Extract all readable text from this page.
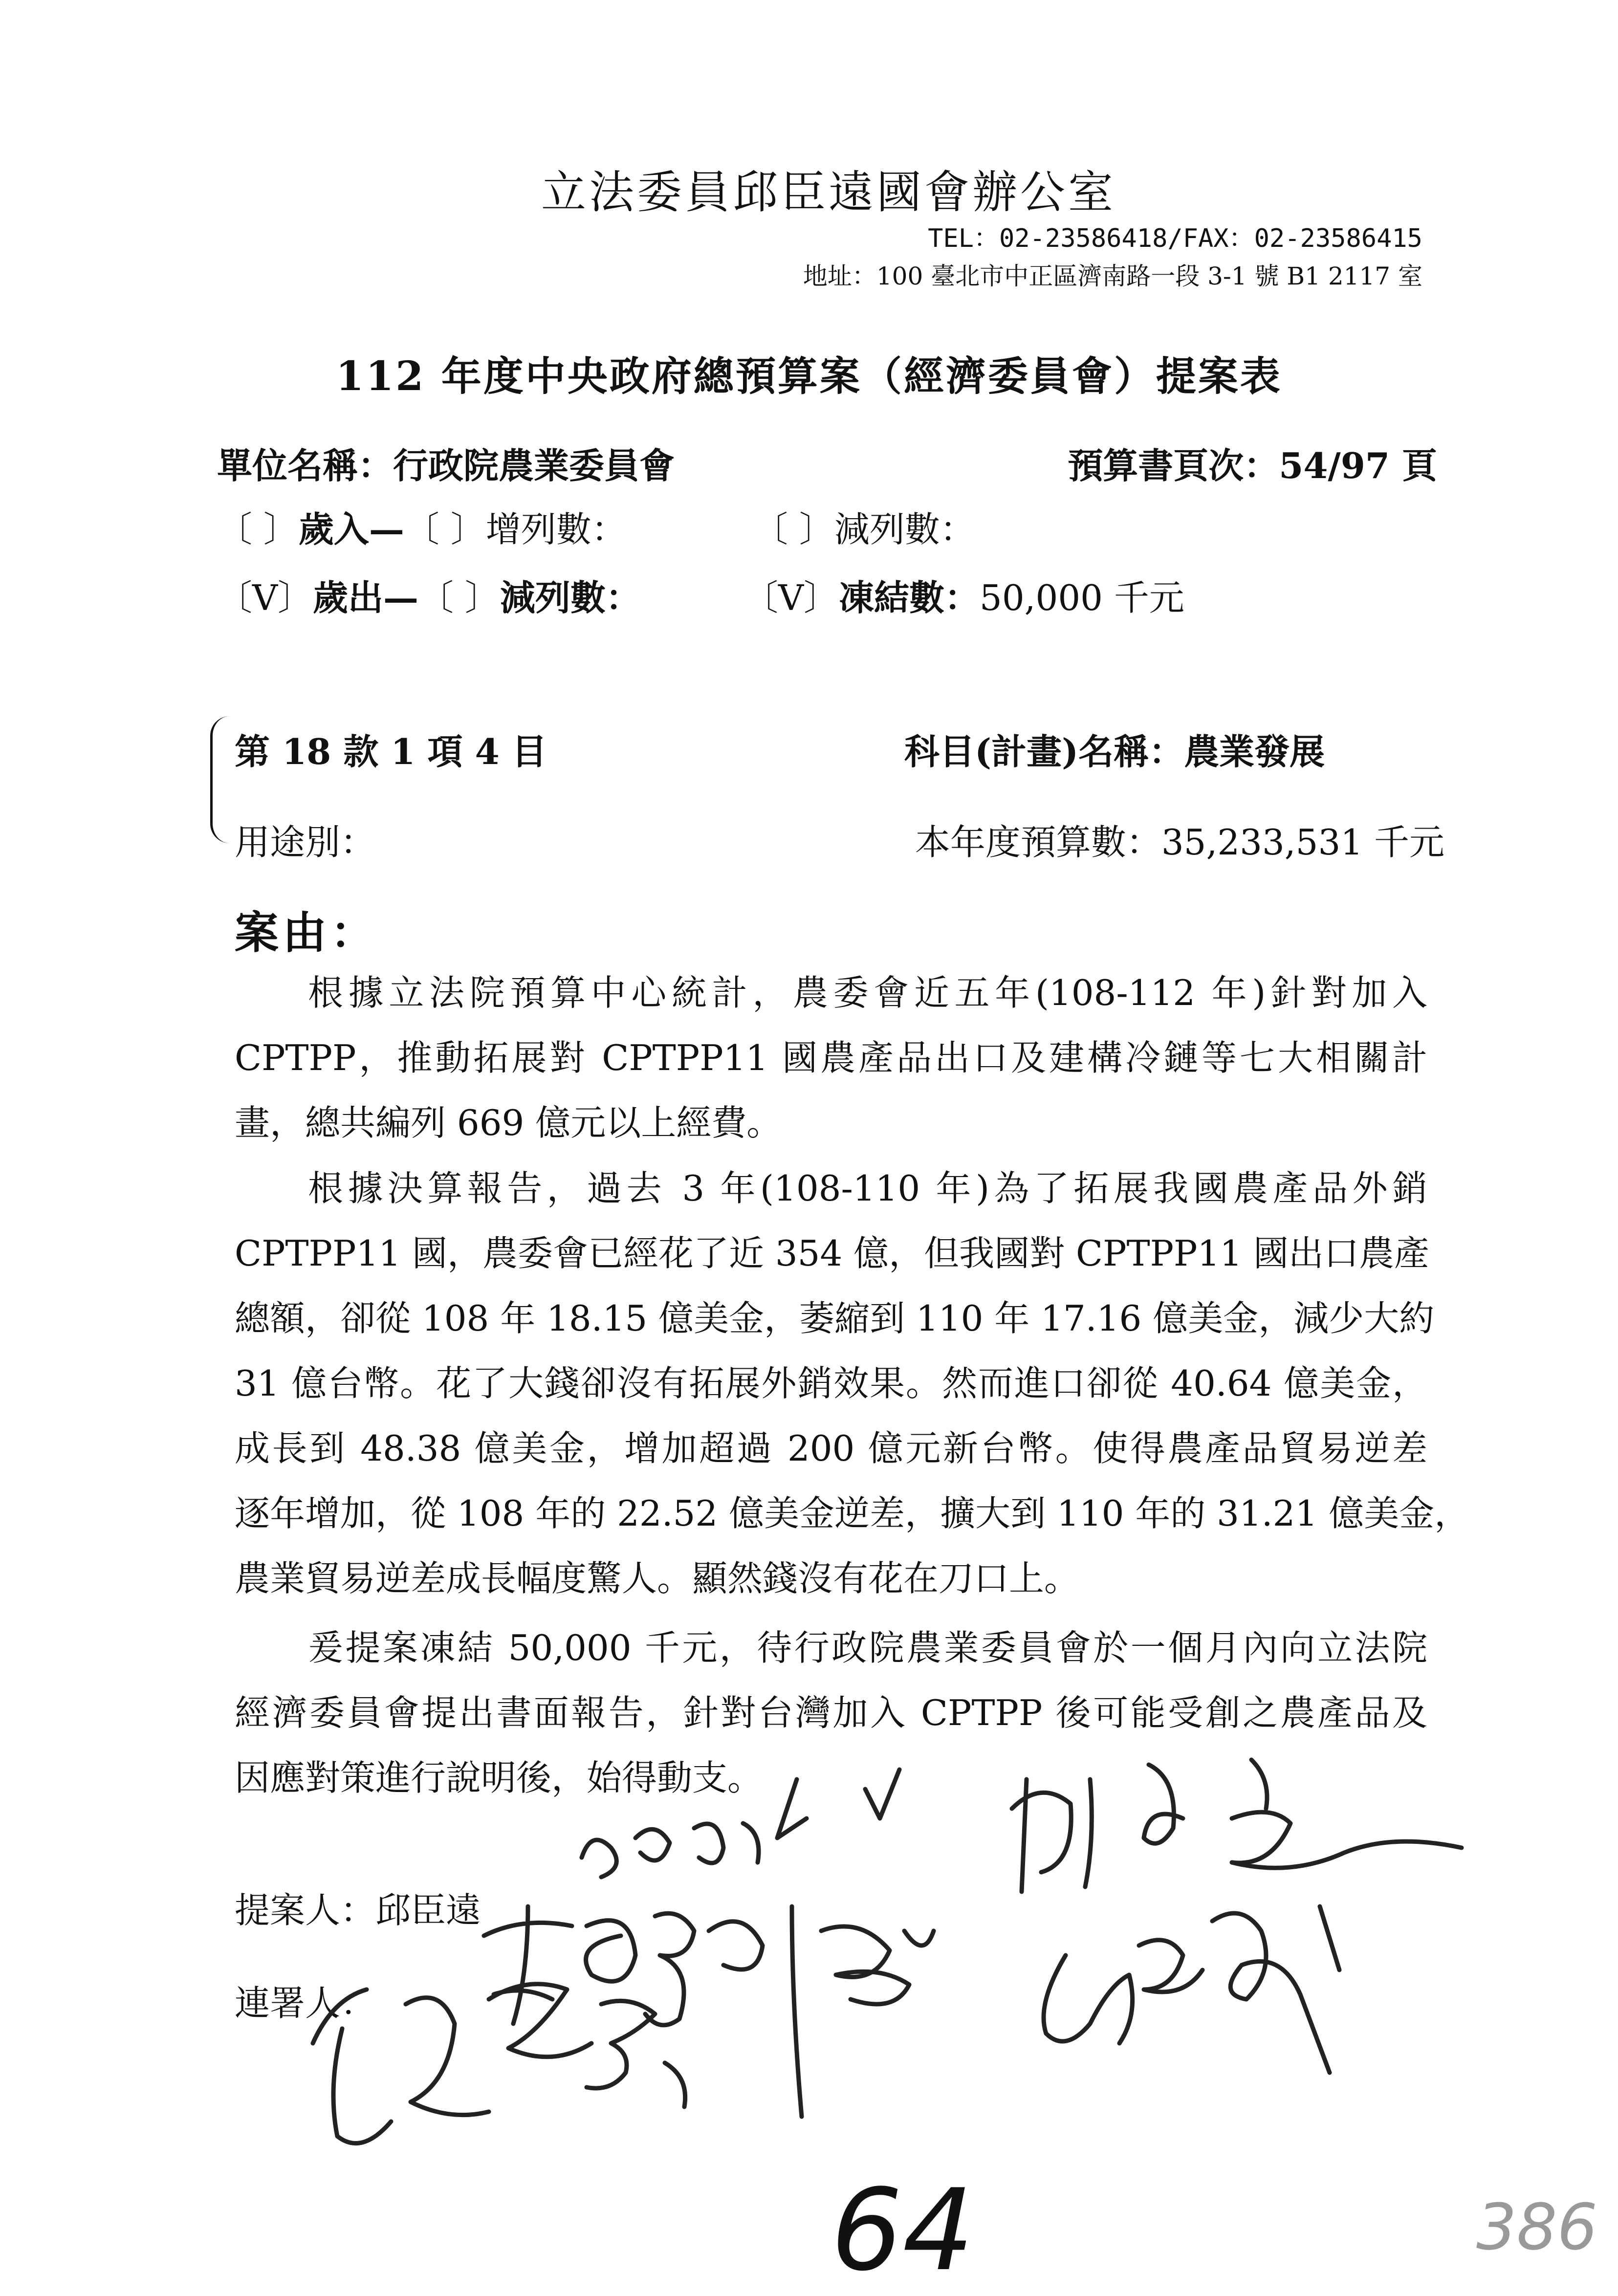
立法委員邱臣遠國會辦公室
TEL：02-23586418/FAX：02-23586415
地址：100 臺北市中正區濟南路一段 3-1 號 B1 2117 室
112 年度中央政府總預算案（經濟委員會）提案表
單位名稱：行政院農業委員會	預算書頁次：54/97 頁
〔 〕歲入—〔 〕增列數：	〔 〕減列數：
〔V〕歲出—〔 〕減列數：	〔V〕凍結數：50,000 千元
第 18 款 1 項 4 目	科目(計畫)名稱：農業發展
用途別：	本年度預算數：35,233,531 千元
案由：
根據立法院預算中心統計，農委會近五年(108-112 年)針對加入
CPTPP，推動拓展對 CPTPP11 國農產品出口及建構冷鏈等七大相關計
畫，總共編列 669 億元以上經費。
根據決算報告，過去 3 年(108-110 年)為了拓展我國農產品外銷
CPTPP11 國，農委會已經花了近 354 億，但我國對 CPTPP11 國出口農產
總額，卻從 108 年 18.15 億美金，萎縮到 110 年 17.16 億美金，減少大約
31 億台幣。花了大錢卻沒有拓展外銷效果。然而進口卻從 40.64 億美金，
成長到 48.38 億美金，增加超過 200 億元新台幣。使得農產品貿易逆差
逐年增加，從 108 年的 22.52 億美金逆差，擴大到 110 年的 31.21 億美金，
農業貿易逆差成長幅度驚人。顯然錢沒有花在刀口上。
爰提案凍結 50,000 千元，待行政院農業委員會於一個月內向立法院
經濟委員會提出書面報告，針對台灣加入 CPTPP 後可能受創之農產品及
因應對策進行說明後，始得動支。
提案人：邱臣遠
連署人：
64	386
